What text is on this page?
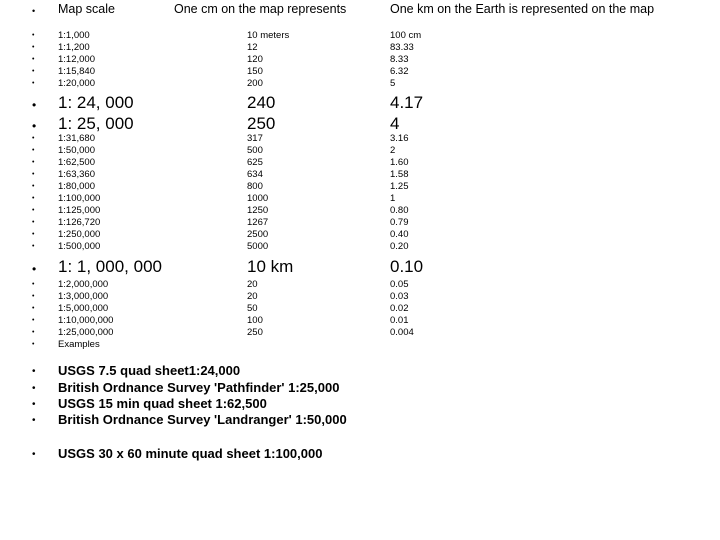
• Map scale	One cm on the map represents	One km on the Earth is represented on the map
• 1:1,000	10 meters	100 cm
• 1:1,200	12	83.33
• 1:12,000	120	8.33
• 1:15,840	150	6.32
• 1:20,000	200	5
• 1: 24, 000	240	4.17
• 1: 25, 000	250	4
• 1:31,680	317	3.16
• 1:50,000	500	2
• 1:62,500	625	1.60
• 1:63,360	634	1.58
• 1:80,000	800	1.25
• 1:100,000	1000	1
• 1:125,000	1250	0.80
• 1:126,720	1267	0.79
• 1:250,000	2500	0.40
• 1:500,000	5000	0.20
• 1: 1, 000, 000	10 km	0.10
• 1:2,000,000	20	0.05
• 1:3,000,000	20	0.03
• 1:5,000,000	50	0.02
• 1:10,000,000	100	0.01
• 1:25,000,000	250	0.004
• Examples
• USGS 7.5 quad sheet1:24,000
• British Ordnance Survey 'Pathfinder' 1:25,000
• USGS 15 min quad sheet 1:62,500
• British Ordnance Survey 'Landranger' 1:50,000
• USGS 30 x 60 minute quad sheet 1:100,000
